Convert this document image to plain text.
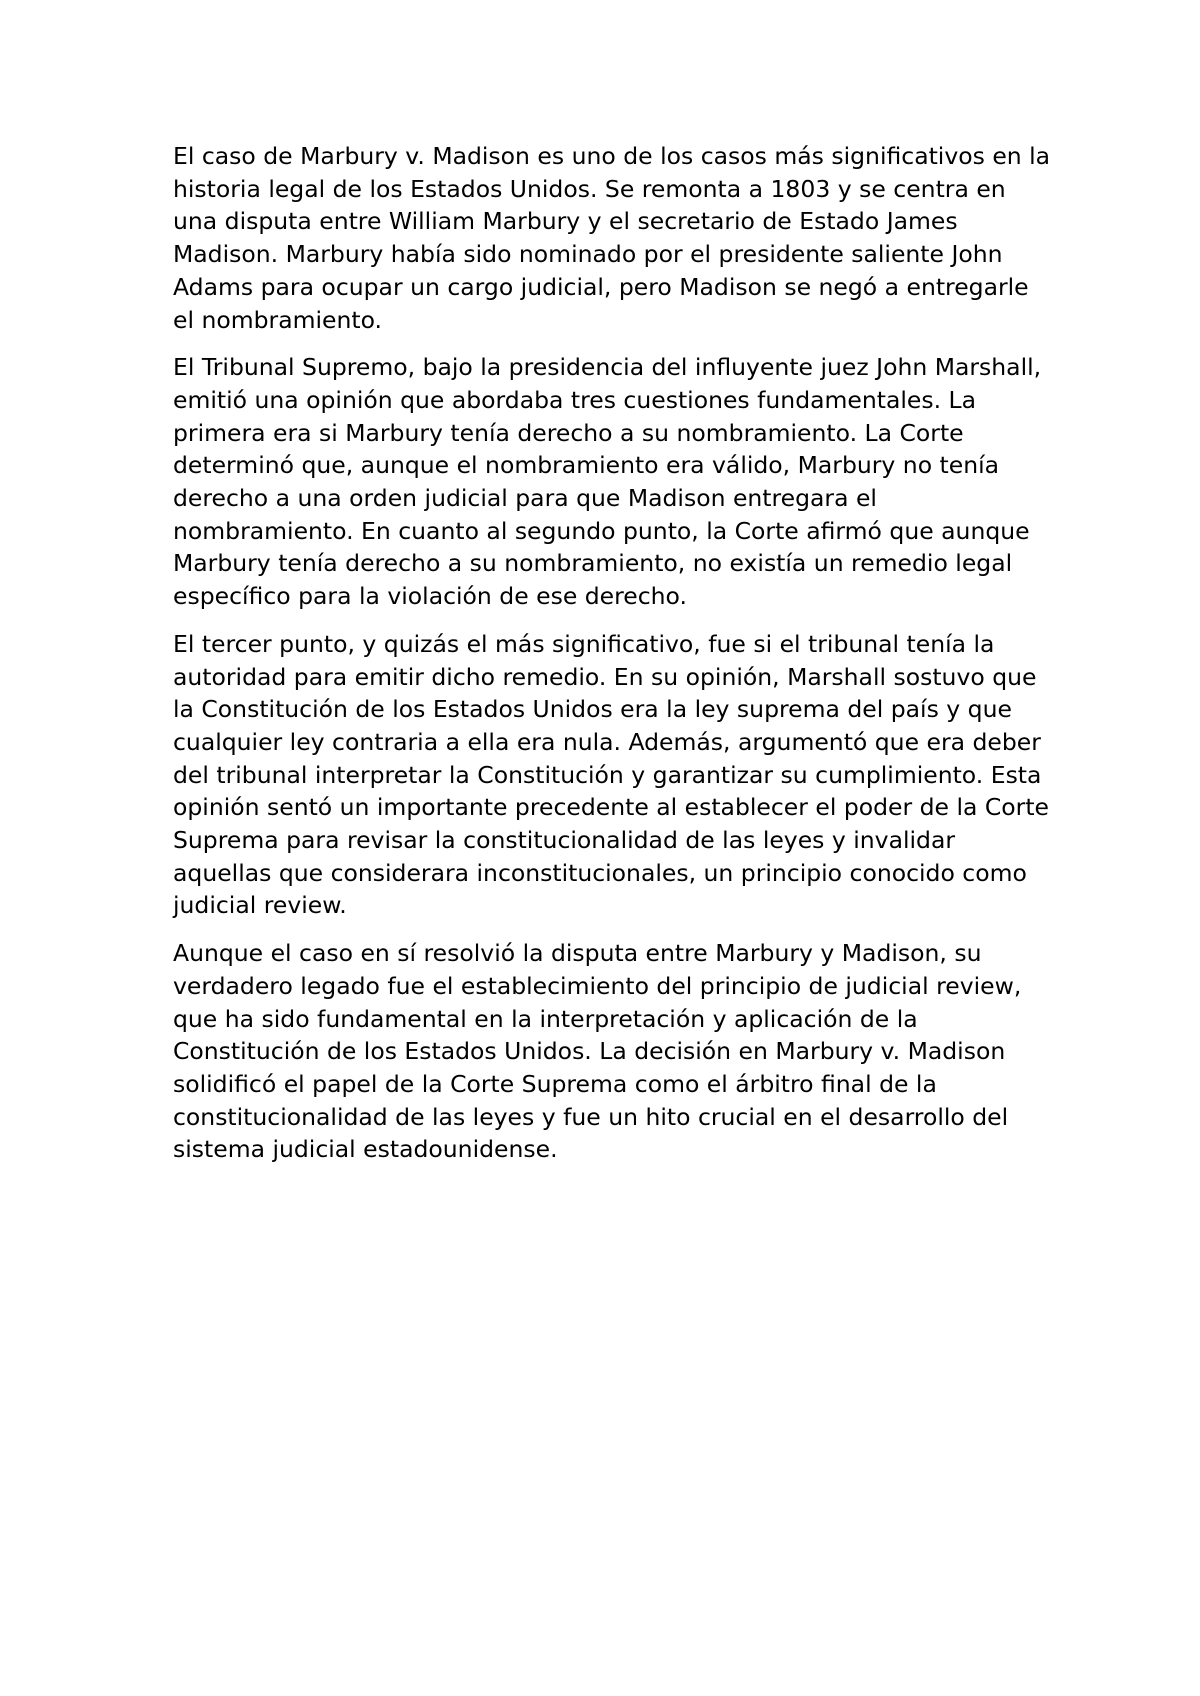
El caso de Marbury v. Madison es uno de los casos más significativos en la historia legal de los Estados Unidos. Se remonta a 1803 y se centra en una disputa entre William Marbury y el secretario de Estado James Madison. Marbury había sido nominado por el presidente saliente John Adams para ocupar un cargo judicial, pero Madison se negó a entregarle el nombramiento.

El Tribunal Supremo, bajo la presidencia del influyente juez John Marshall, emitió una opinión que abordaba tres cuestiones fundamentales. La primera era si Marbury tenía derecho a su nombramiento. La Corte determinó que, aunque el nombramiento era válido, Marbury no tenía derecho a una orden judicial para que Madison entregara el nombramiento. En cuanto al segundo punto, la Corte afirmó que aunque Marbury tenía derecho a su nombramiento, no existía un remedio legal específico para la violación de ese derecho.

El tercer punto, y quizás el más significativo, fue si el tribunal tenía la autoridad para emitir dicho remedio. En su opinión, Marshall sostuvo que la Constitución de los Estados Unidos era la ley suprema del país y que cualquier ley contraria a ella era nula. Además, argumentó que era deber del tribunal interpretar la Constitución y garantizar su cumplimiento. Esta opinión sentó un importante precedente al establecer el poder de la Corte Suprema para revisar la constitucionalidad de las leyes y invalidar aquellas que considerara inconstitucionales, un principio conocido como judicial review.

Aunque el caso en sí resolvió la disputa entre Marbury y Madison, su verdadero legado fue el establecimiento del principio de judicial review, que ha sido fundamental en la interpretación y aplicación de la Constitución de los Estados Unidos. La decisión en Marbury v. Madison solidificó el papel de la Corte Suprema como el árbitro final de la constitucionalidad de las leyes y fue un hito crucial en el desarrollo del sistema judicial estadounidense.
